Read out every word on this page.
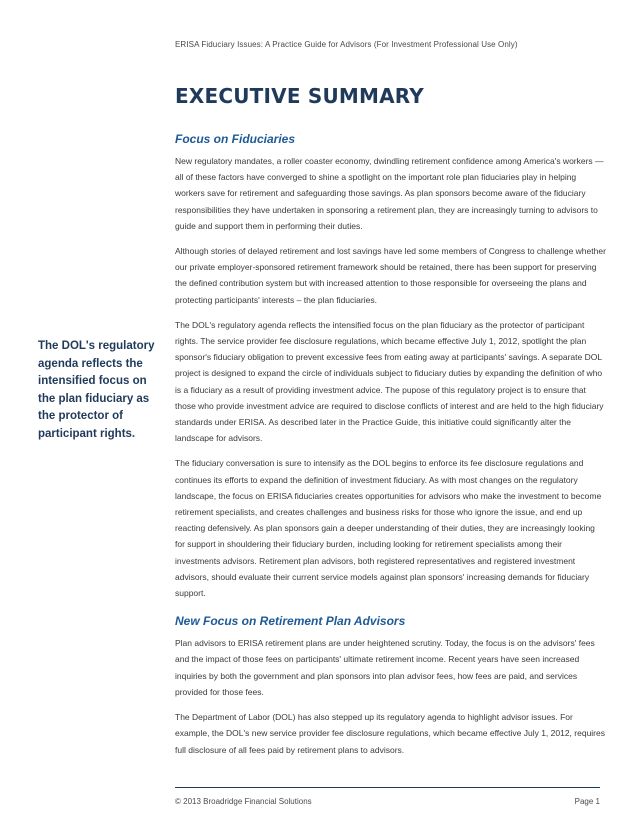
ERISA Fiduciary Issues: A Practice Guide for Advisors (For Investment Professional Use Only)
EXECUTIVE SUMMARY
The DOL's regulatory agenda reflects the intensified focus on the plan fiduciary as the protector of participant rights.
Focus on Fiduciaries

New regulatory mandates, a roller coaster economy, dwindling retirement confidence among America's workers — all of these factors have converged to shine a spotlight on the important role plan fiduciaries play in helping workers save for retirement and safeguarding those savings. As plan sponsors become aware of the fiduciary responsibilities they have undertaken in sponsoring a retirement plan, they are increasingly turning to advisors to guide and support them in performing their duties.

Although stories of delayed retirement and lost savings have led some members of Congress to challenge whether our private employer-sponsored retirement framework should be retained, there has been support for preserving the defined contribution system but with increased attention to those responsible for overseeing the plans and protecting participants' interests – the plan fiduciaries.

The DOL's regulatory agenda reflects the intensified focus on the plan fiduciary as the protector of participant rights. The service provider fee disclosure regulations, which became effective July 1, 2012, spotlight the plan sponsor's fiduciary obligation to prevent excessive fees from eating away at participants' savings. A separate DOL project is designed to expand the circle of individuals subject to fiduciary duties by expanding the definition of who is a fiduciary as a result of providing investment advice. The pupose of this regulatory project is to ensure that those who provide investment advice are required to disclose conflicts of interest and are held to the high fiduciary standards under ERISA. As described later in the Practice Guide, this initiative could significantly alter the landscape for advisors.

The fiduciary conversation is sure to intensify as the DOL begins to enforce its fee disclosure regulations and continues its efforts to expand the definition of investment fiduciary. As with most changes on the regulatory landscape, the focus on ERISA fiduciaries creates opportunities for advisors who make the investment to become retirement specialists, and creates challenges and business risks for those who ignore the issue, and end up reacting defensively. As plan sponsors gain a deeper understanding of their duties, they are increasingly looking for support in shouldering their fiduciary burden, including looking for retirement specialists among their investments advisors. Retirement plan advisors, both registered representatives and registered investment advisors, should evaluate their current service models against plan sponsors' increasing demands for fiduciary support.

New Focus on Retirement Plan Advisors

Plan advisors to ERISA retirement plans are under heightened scrutiny. Today, the focus is on the advisors' fees and the impact of those fees on participants' ultimate retirement income. Recent years have seen increased inquiries by both the government and plan sponsors into plan advisor fees, how fees are paid, and services provided for those fees.

The Department of Labor (DOL) has also stepped up its regulatory agenda to highlight advisor issues. For example, the DOL's new service provider fee disclosure regulations, which became effective July 1, 2012, requires full disclosure of all fees paid by retirement plans to advisors.

© 2013 Broadridge Financial Solutions	Page 1
